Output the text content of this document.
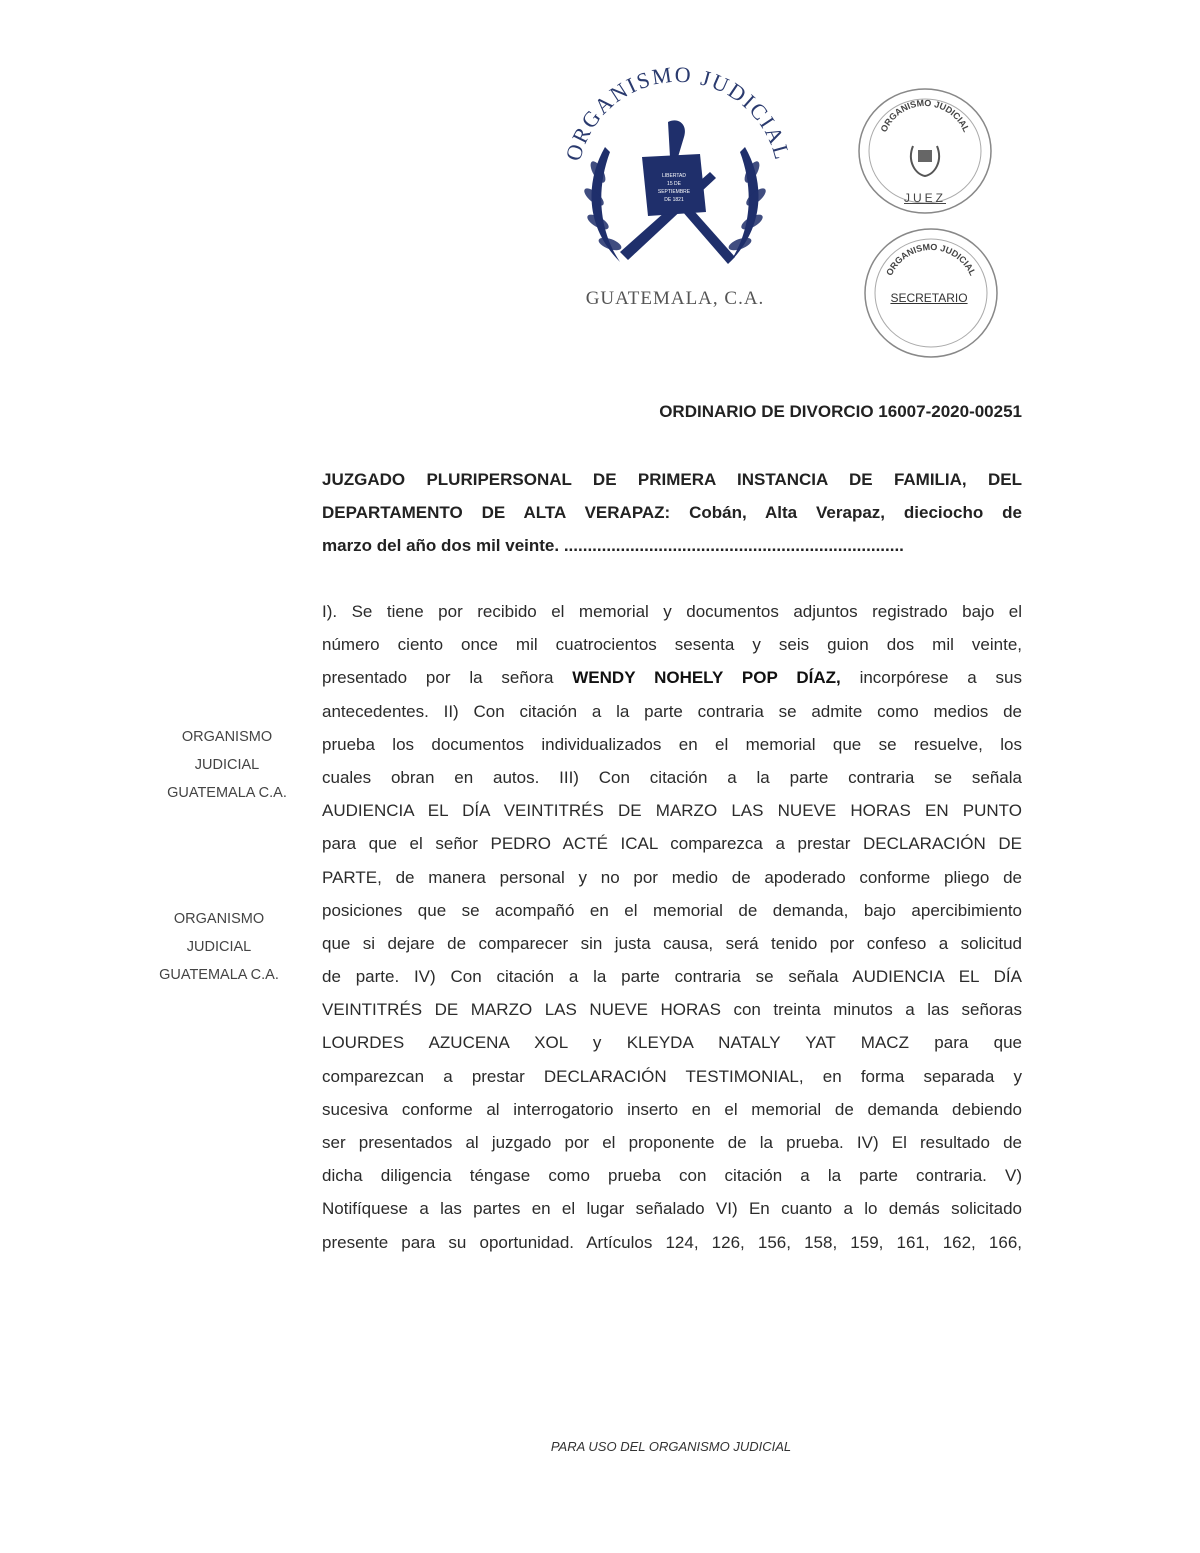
ORGANISMO JUDICIAL
LIBERTAD
15 DE
SEPTIEMBRE
DE 1821
GUATEMALA, C.A.
ORGANISMO JUDICIAL
JUEZ
ORGANISMO JUDICIAL
SECRETARIO
ORDINARIO DE DIVORCIO 16007-2020-00251
JUZGADO PLURIPERSONAL DE PRIMERA INSTANCIA DE FAMILIA, DEL
DEPARTAMENTO DE ALTA VERAPAZ: Cobán, Alta Verapaz, dieciocho de
marzo del año dos mil veinte. ........................................................................
ORGANISMO
JUDICIAL
GUATEMALA C.A.
ORGANISMO
JUDICIAL
GUATEMALA C.A.
I). Se tiene por recibido el memorial y documentos adjuntos registrado bajo el
número ciento once mil cuatrocientos sesenta y seis guion dos mil veinte,
presentado por la señora WENDY NOHELY POP DÍAZ, incorpórese a sus
antecedentes. II) Con citación a la parte contraria se admite como medios de
prueba los documentos individualizados en el memorial que se resuelve, los
cuales obran en autos. III) Con citación a la parte contraria se señala
AUDIENCIA EL DÍA VEINTITRÉS DE MARZO LAS NUEVE HORAS EN PUNTO
para que el señor PEDRO ACTÉ ICAL comparezca a prestar DECLARACIÓN DE
PARTE, de manera personal y no por medio de apoderado conforme pliego de
posiciones que se acompañó en el memorial de demanda, bajo apercibimiento
que si dejare de comparecer sin justa causa, será tenido por confeso a solicitud
de parte. IV) Con citación a la parte contraria se señala AUDIENCIA EL DÍA
VEINTITRÉS DE MARZO LAS NUEVE HORAS con treinta minutos a las señoras
LOURDES AZUCENA XOL y KLEYDA NATALY YAT MACZ para que
comparezcan a prestar DECLARACIÓN TESTIMONIAL, en forma separada y
sucesiva conforme al interrogatorio inserto en el memorial de demanda debiendo
ser presentados al juzgado por el proponente de la prueba. IV) El resultado de
dicha diligencia téngase como prueba con citación a la parte contraria. V)
Notifíquese a las partes en el lugar señalado VI) En cuanto a lo demás solicitado
presente para su oportunidad. Artículos 124, 126, 156, 158, 159, 161, 162, 166,
PARA USO DEL ORGANISMO JUDICIAL
